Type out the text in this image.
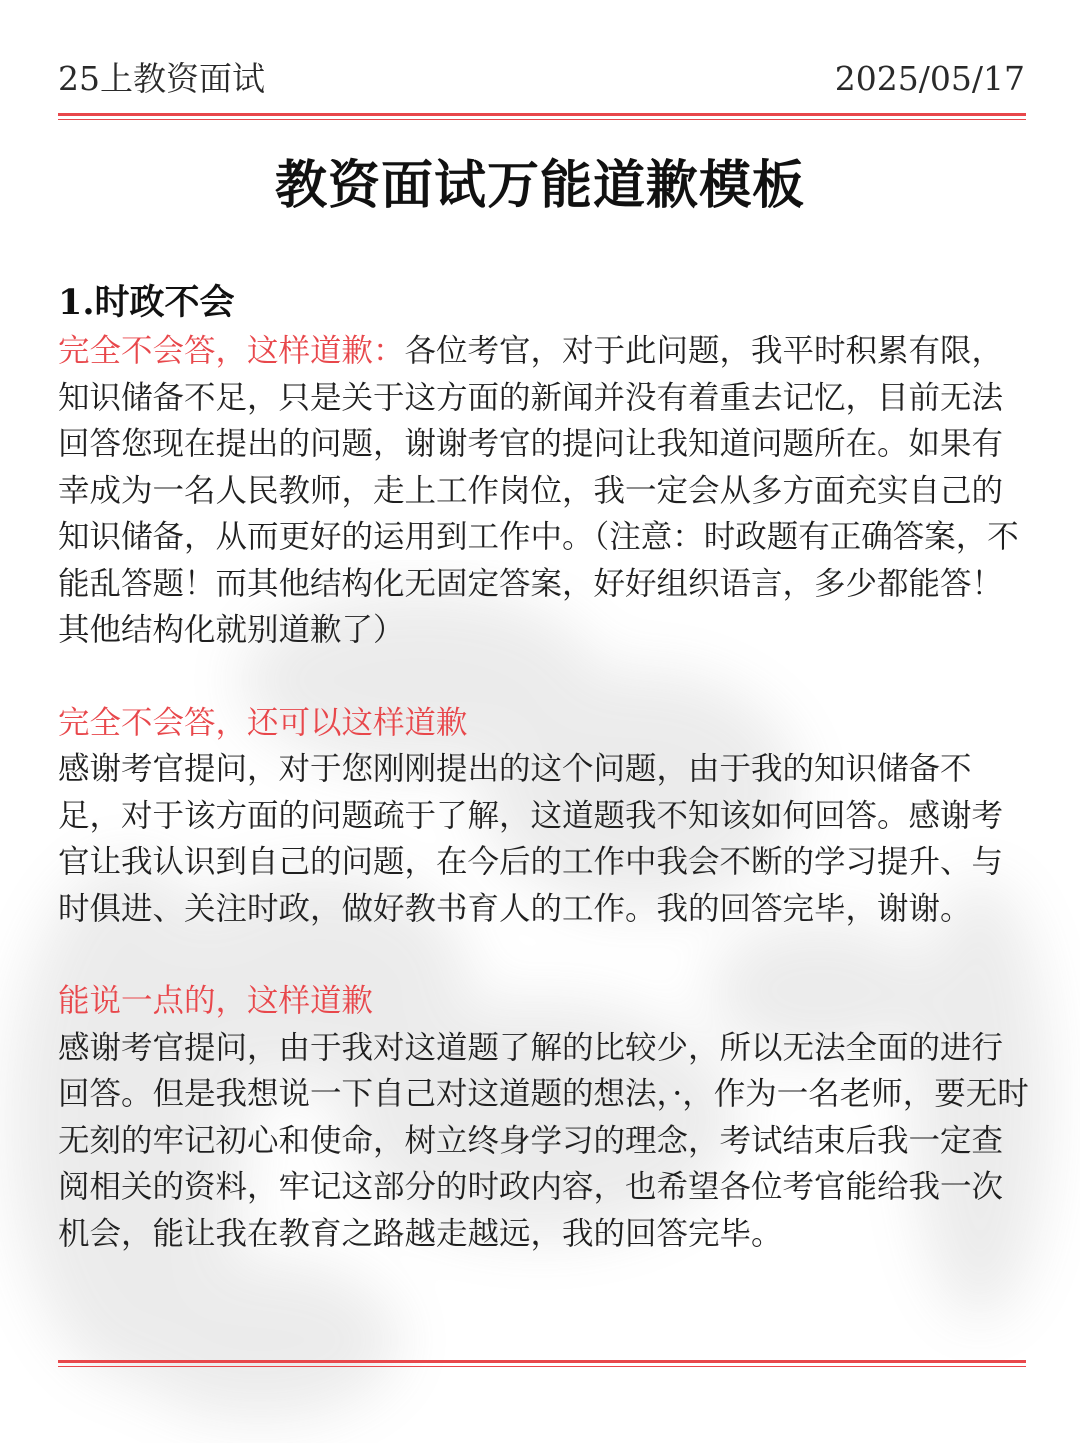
25上教资面试	2025/05/17
教资面试万能道歉模板
1.时政不会

完全不会答，这样道歉：各位考官，对于此问题，我平时积累有限，知识储备不足，只是关于这方面的新闻并没有着重去记忆，目前无法回答您现在提出的问题，谢谢考官的提问让我知道问题所在。如果有幸成为一名人民教师，走上工作岗位，我一定会从多方面充实自己的知识储备，从而更好的运用到工作中。（注意：时政题有正确答案，不能乱答题！而其他结构化无固定答案，好好组织语言，多少都能答！其他结构化就别道歉了）

完全不会答，还可以这样道歉

感谢考官提问，对于您刚刚提出的这个问题，由于我的知识储备不足，对于该方面的问题疏于了解，这道题我不知该如何回答。感谢考官让我认识到自己的问题，在今后的工作中我会不断的学习提升、与时俱进、关注时政，做好教书育人的工作。我的回答完毕，谢谢。

能说一点的，这样道歉

感谢考官提问，由于我对这道题了解的比较少，所以无法全面的进行回答。但是我想说一下自己对这道题的想法，·，作为一名老师，要无时无刻的牢记初心和使命，树立终身学习的理念，考试结束后我一定查阅相关的资料，牢记这部分的时政内容，也希望各位考官能给我一次机会，能让我在教育之路越走越远，我的回答完毕。
